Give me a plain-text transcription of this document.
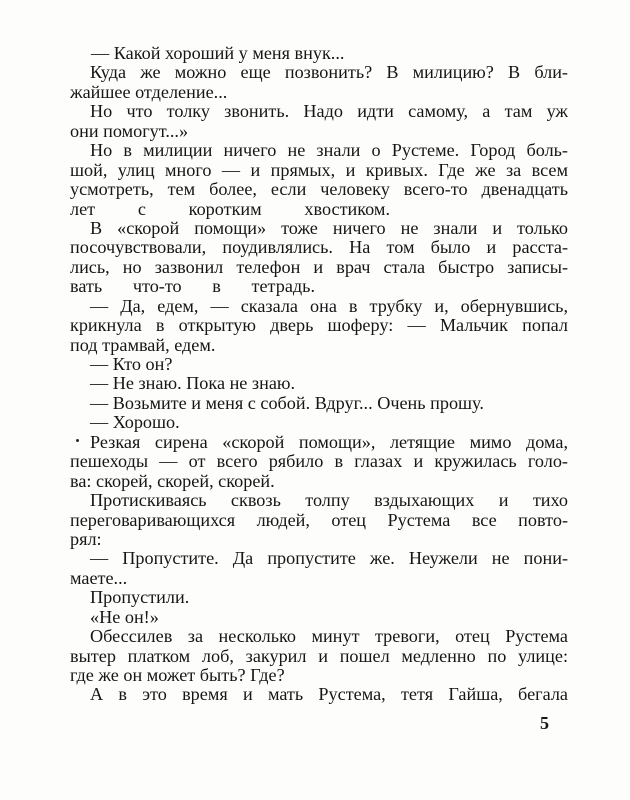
— Какой хороший у меня внук...
Куда же можно еще позвонить? В милицию? В бли-
жайшее отделение...
Но что толку звонить. Надо идти самому, а там уж
они помогут...»
Но в милиции ничего не знали о Рустеме. Город боль-
шой, улиц много — и прямых, и кривых. Где же за всем
усмотреть, тем более, если человеку всего-то двенадцать
лет с коротким хвостиком.
В «скорой помощи» тоже ничего не знали и только
посочувствовали, поудивлялись. На том было и расста-
лись, но зазвонил телефон и врач стала быстро записы-
вать что-то в тетрадь.
— Да, едем, — сказала она в трубку и, обернувшись,
крикнула в открытую дверь шоферу: — Мальчик попал
под трамвай, едем.
— Кто он?
— Не знаю. Пока не знаю.
— Возьмите и меня с собой. Вдруг... Очень прошу.
— Хорошо.
Резкая сирена «скорой помощи», летящие мимо дома,
пешеходы — от всего рябило в глазах и кружилась голо-
ва: скорей, скорей, скорей.
Протискиваясь сквозь толпу вздыхающих и тихо
переговаривающихся людей, отец Рустема все повто-
рял:
— Пропустите. Да пропустите же. Неужели не пони-
маете...
Пропустили.
«Не он!»
Обессилев за несколько минут тревоги, отец Рустема
вытер платком лоб, закурил и пошел медленно по улице:
где же он может быть? Где?
А в это время и мать Рустема, тетя Гайша, бегала
5
